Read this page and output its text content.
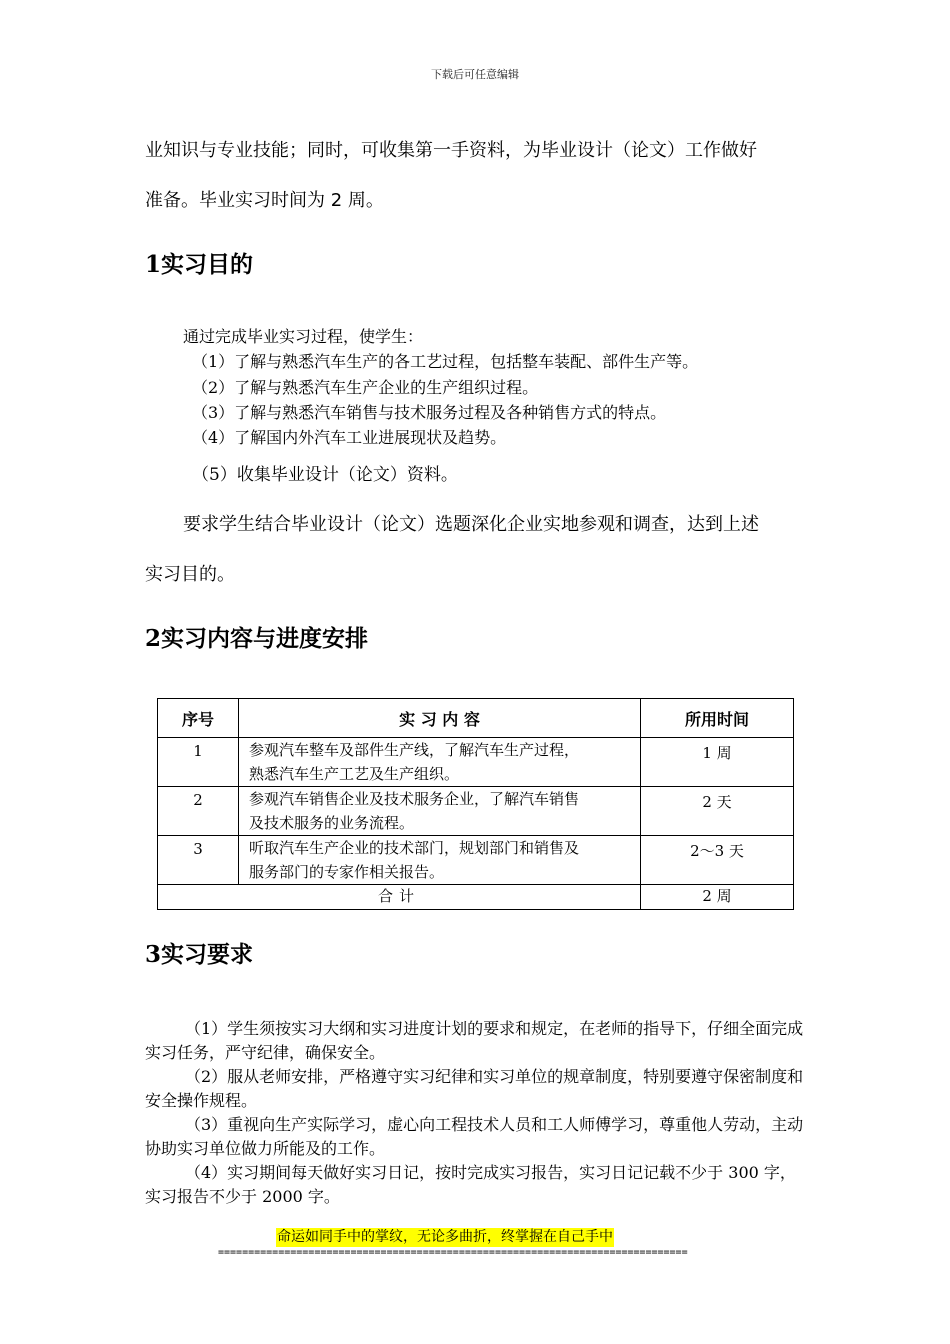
下载后可任意编辑
业知识与专业技能；同时，可收集第一手资料，为毕业设计（论文）工作做好
准备。毕业实习时间为 2 周。
1实习目的
通过完成毕业实习过程，使学生：
（1）了解与熟悉汽车生产的各工艺过程，包括整车装配、部件生产等。
（2）了解与熟悉汽车生产企业的生产组织过程。
（3）了解与熟悉汽车销售与技术服务过程及各种销售方式的特点。
（4）了解国内外汽车工业进展现状及趋势。
（5）收集毕业设计（论文）资料。
要求学生结合毕业设计（论文）选题深化企业实地参观和调查，达到上述
实习目的。
2实习内容与进度安排
序号	实 习 内 容	所用时间
1	参观汽车整车及部件生产线，了解汽车生产过程，
熟悉汽车生产工艺及生产组织。	1 周
2	参观汽车销售企业及技术服务企业，了解汽车销售
及技术服务的业务流程。	2 天
3	听取汽车生产企业的技术部门，规划部门和销售及
服务部门的专家作相关报告。	2～3 天
合计		2 周
3实习要求

（1）学生须按实习大纲和实习进度计划的要求和规定，在老师的指导下，仔细全面完成实习任务，严守纪律，确保安全。

（2）服从老师安排，严格遵守实习纪律和实习单位的规章制度，特别要遵守保密制度和安全操作规程。

（3）重视向生产实际学习，虚心向工程技术人员和工人师傅学习，尊重他人劳动，主动协助实习单位做力所能及的工作。

（4）实习期间每天做好实习日记，按时完成实习报告，实习日记记载不少于 300 字，实习报告不少于 2000 字。

命运如同手中的掌纹，无论多曲折，终掌握在自己手中
==============================================================================
